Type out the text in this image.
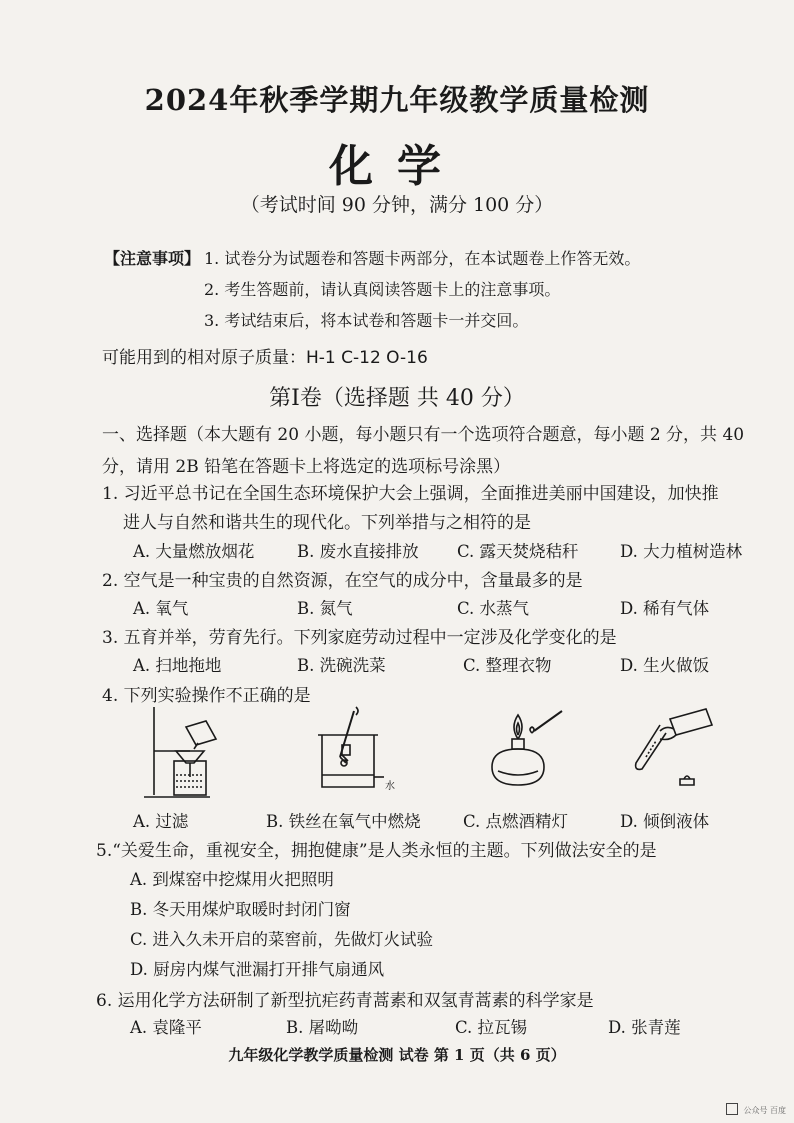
2024年秋季学期九年级教学质量检测
化学
（考试时间 90 分钟，满分 100 分）
【注意事项】 1. 试卷分为试题卷和答题卡两部分，在本试题卷上作答无效。
2. 考生答题前，请认真阅读答题卡上的注意事项。
3. 考试结束后，将本试卷和答题卡一并交回。
可能用到的相对原子质量：H-1 C-12 O-16
第Ⅰ卷（选择题 共 40 分）
一、选择题（本大题有 20 小题，每小题只有一个选项符合题意，每小题 2 分，共 40
分，请用 2B 铅笔在答题卡上将选定的选项标号涂黑）
1. 习近平总书记在全国生态环境保护大会上强调，全面推进美丽中国建设，加快推
进人与自然和谐共生的现代化。下列举措与之相符的是
A. 大量燃放烟花	B. 废水直接排放 C. 露天焚烧秸秆	D. 大力植树造林
2. 空气是一种宝贵的自然资源，在空气的成分中，含量最多的是
A. 氧气	B. 氮气	C. 水蒸气	D. 稀有气体
3. 五育并举，劳育先行。下列家庭劳动过程中一定涉及化学变化的是
A. 扫地拖地	B. 洗碗洗菜	C. 整理衣物	D. 生火做饭
4. 下列实验操作不正确的是
水
A. 过滤	B. 铁丝在氧气中燃烧	C. 点燃酒精灯	D. 倾倒液体
5.“关爱生命，重视安全，拥抱健康”是人类永恒的主题。下列做法安全的是
A. 到煤窑中挖煤用火把照明
B. 冬天用煤炉取暖时封闭门窗
C. 进入久未开启的菜窖前，先做灯火试验
D. 厨房内煤气泄漏打开排气扇通风
6. 运用化学方法研制了新型抗疟药青蒿素和双氢青蒿素的科学家是
A. 袁隆平	B. 屠呦呦	C. 拉瓦锡	D. 张青莲
九年级化学教学质量检测 试卷 第 1 页（共 6 页）
公众号 百度
